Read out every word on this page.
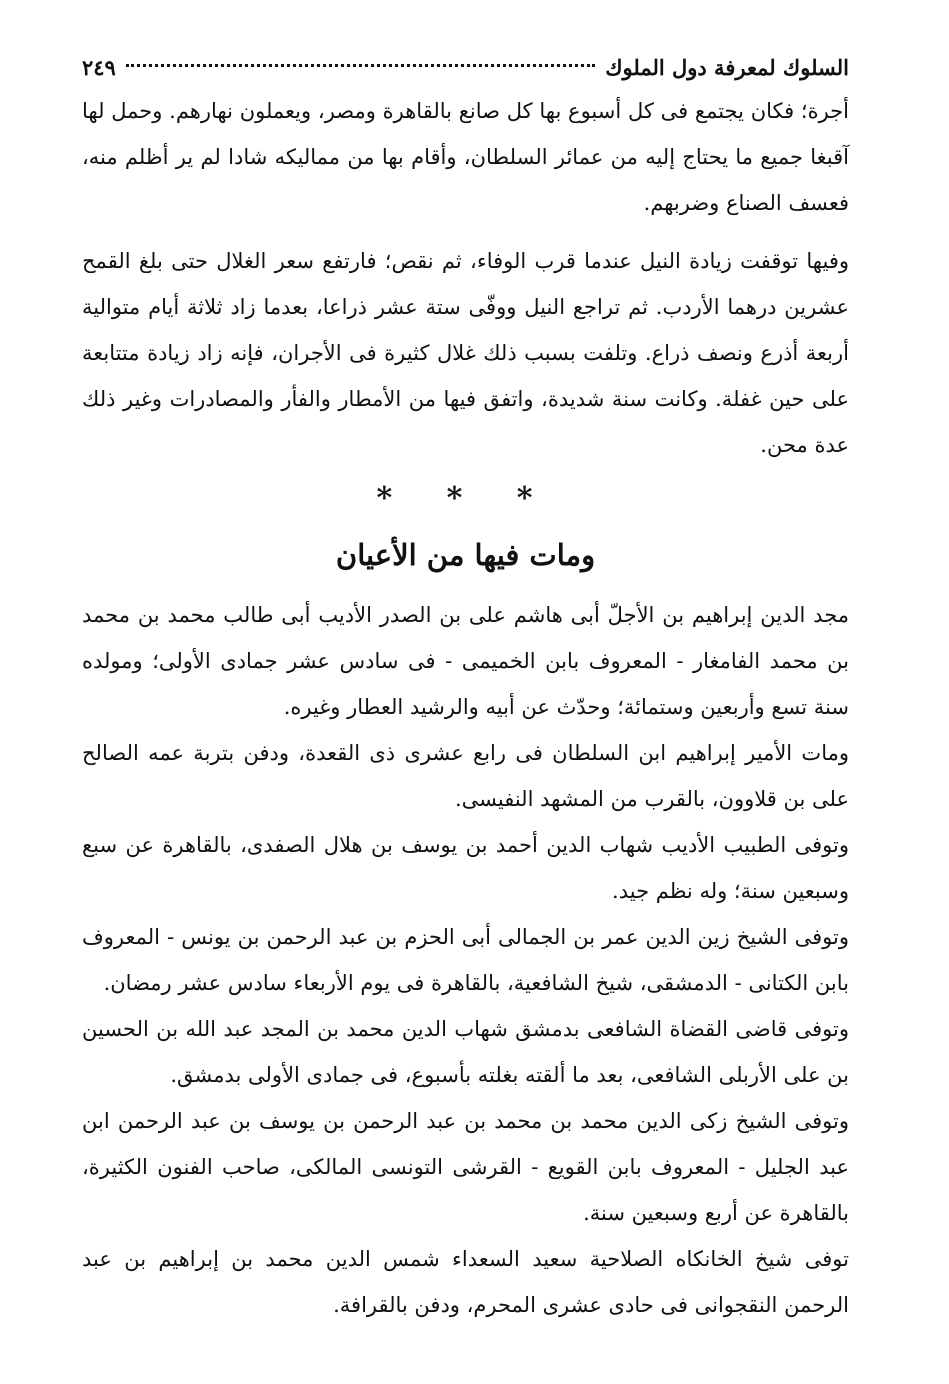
السلوك لمعرفة دول الملوك
٢٤٩

أجرة؛ فكان يجتمع فى كل أسبوع بها كل صانع بالقاهرة ومصر، ويعملون نهارهم. وحمل لها آقبغا جميع ما يحتاج إليه من عمائر السلطان، وأقام بها من مماليكه شادا لم ير أظلم منه، فعسف الصناع وضربهم.

وفيها توقفت زيادة النيل عندما قرب الوفاء، ثم نقص؛ فارتفع سعر الغلال حتى بلغ القمح عشرين درهما الأردب. ثم تراجع النيل ووفّى ستة عشر ذراعا، بعدما زاد ثلاثة أيام متوالية أربعة أذرع ونصف ذراع. وتلفت بسبب ذلك غلال كثيرة فى الأجران، فإنه زاد زيادة متتابعة على حين غفلة. وكانت سنة شديدة، واتفق فيها من الأمطار والفأر والمصادرات وغير ذلك عدة محن.

* * *
ومات فيها من الأعيان

مجد الدين إبراهيم بن الأجلّ أبى هاشم على بن الصدر الأديب أبى طالب محمد بن محمد بن محمد الفامغار - المعروف بابن الخميمى - فى سادس عشر جمادى الأولى؛ ومولده سنة تسع وأربعين وستمائة؛ وحدّث عن أبيه والرشيد العطار وغيره.

ومات الأمير إبراهيم ابن السلطان فى رابع عشرى ذى القعدة، ودفن بتربة عمه الصالح على بن قلاوون، بالقرب من المشهد النفيسى.

وتوفى الطبيب الأديب شهاب الدين أحمد بن يوسف بن هلال الصفدى، بالقاهرة عن سبع وسبعين سنة؛ وله نظم جيد.

وتوفى الشيخ زين الدين عمر بن الجمالى أبى الحزم بن عبد الرحمن بن يونس - المعروف بابن الكتانى - الدمشقى، شيخ الشافعية، بالقاهرة فى يوم الأربعاء سادس عشر رمضان.

وتوفى قاضى القضاة الشافعى بدمشق شهاب الدين محمد بن المجد عبد الله بن الحسين بن على الأربلى الشافعى، بعد ما ألقته بغلته بأسبوع، فى جمادى الأولى بدمشق.

وتوفى الشيخ زكى الدين محمد بن محمد بن عبد الرحمن بن يوسف بن عبد الرحمن ابن عبد الجليل - المعروف بابن القويع - القرشى التونسى المالكى، صاحب الفنون الكثيرة، بالقاهرة عن أربع وسبعين سنة.

توفى شيخ الخانكاه الصلاحية سعيد السعداء شمس الدين محمد بن إبراهيم بن عبد الرحمن النقجوانى فى حادى عشرى المحرم، ودفن بالقرافة.
